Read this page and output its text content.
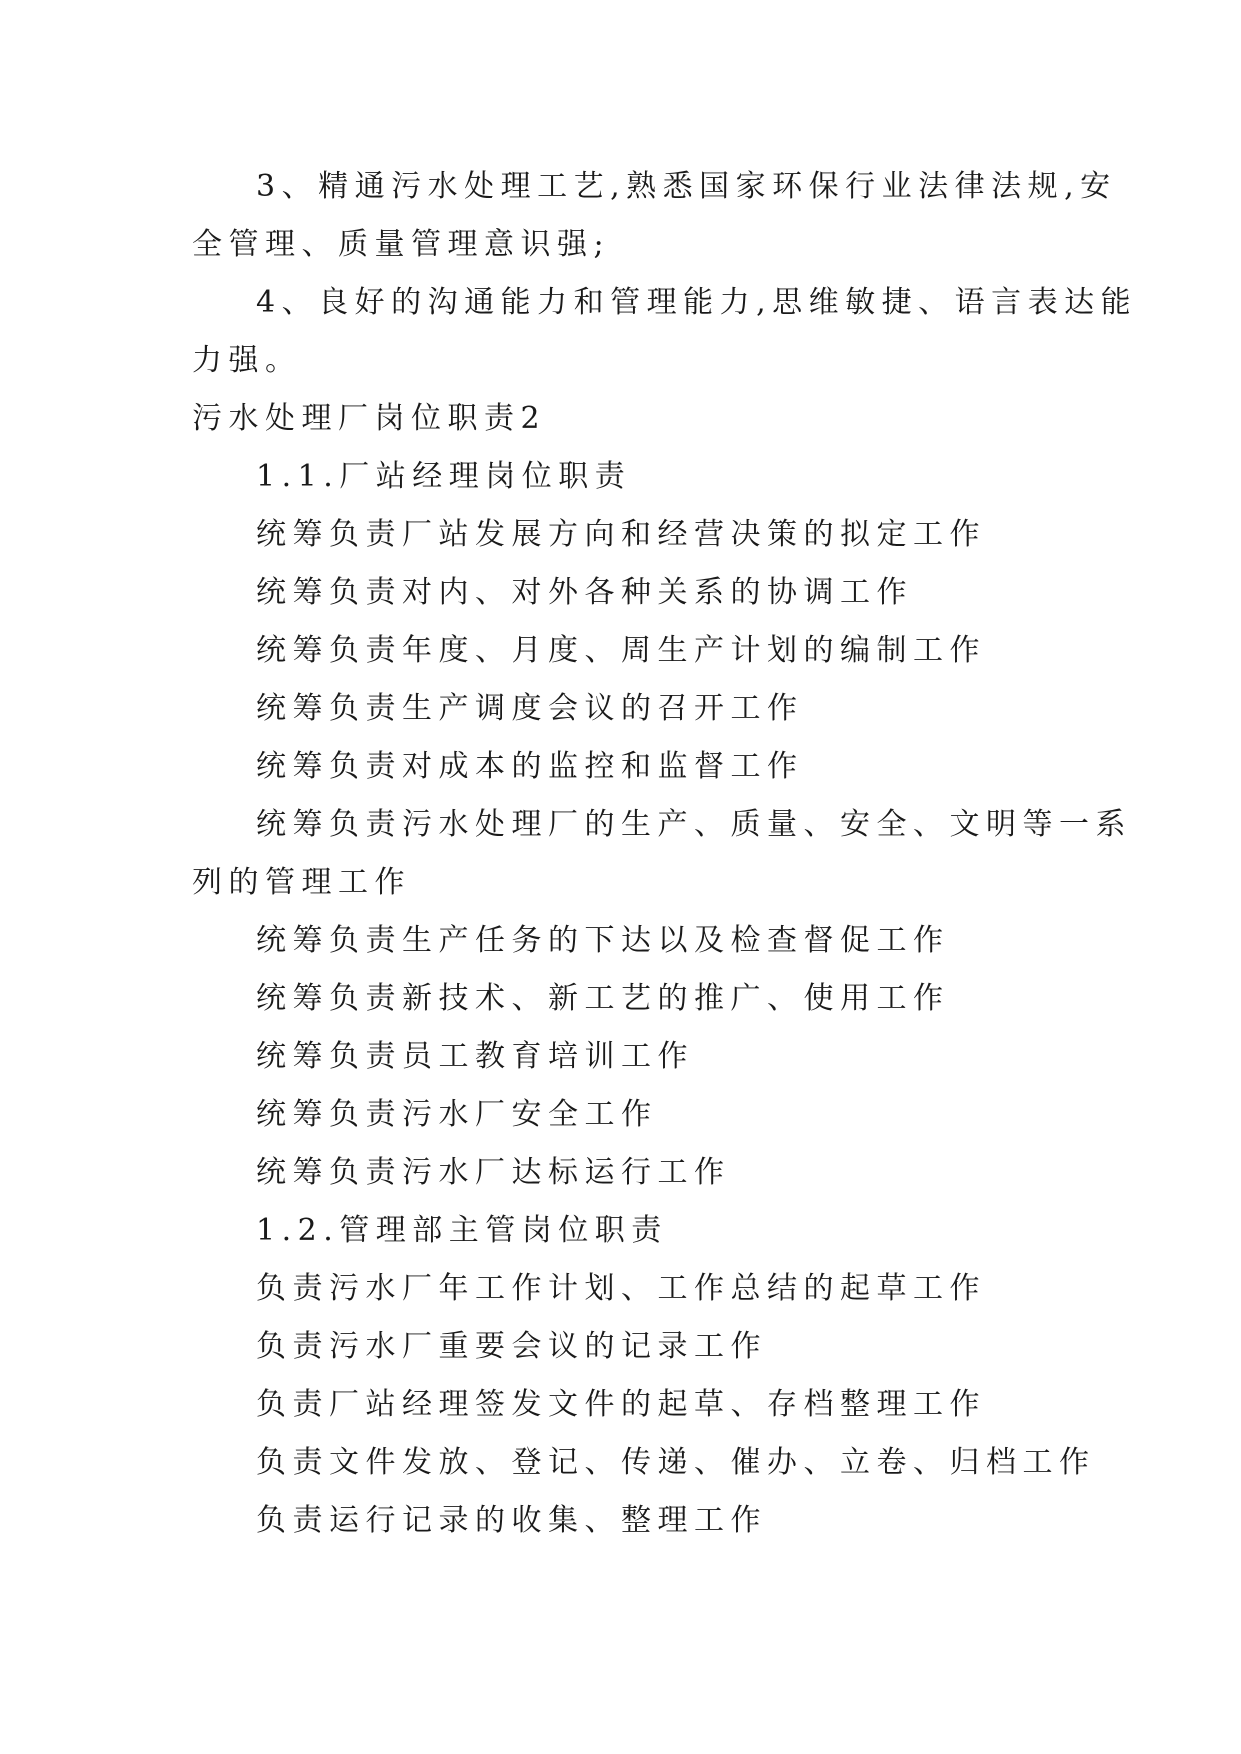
3、精通污水处理工艺,熟悉国家环保行业法律法规,安
全管理、质量管理意识强;
4、良好的沟通能力和管理能力,思维敏捷、语言表达能
力强。
污水处理厂岗位职责2
1.1.厂站经理岗位职责
统筹负责厂站发展方向和经营决策的拟定工作
统筹负责对内、对外各种关系的协调工作
统筹负责年度、月度、周生产计划的编制工作
统筹负责生产调度会议的召开工作
统筹负责对成本的监控和监督工作
统筹负责污水处理厂的生产、质量、安全、文明等一系
列的管理工作
统筹负责生产任务的下达以及检查督促工作
统筹负责新技术、新工艺的推广、使用工作
统筹负责员工教育培训工作
统筹负责污水厂安全工作
统筹负责污水厂达标运行工作
1.2.管理部主管岗位职责
负责污水厂年工作计划、工作总结的起草工作
负责污水厂重要会议的记录工作
负责厂站经理签发文件的起草、存档整理工作
负责文件发放、登记、传递、催办、立卷、归档工作
负责运行记录的收集、整理工作
